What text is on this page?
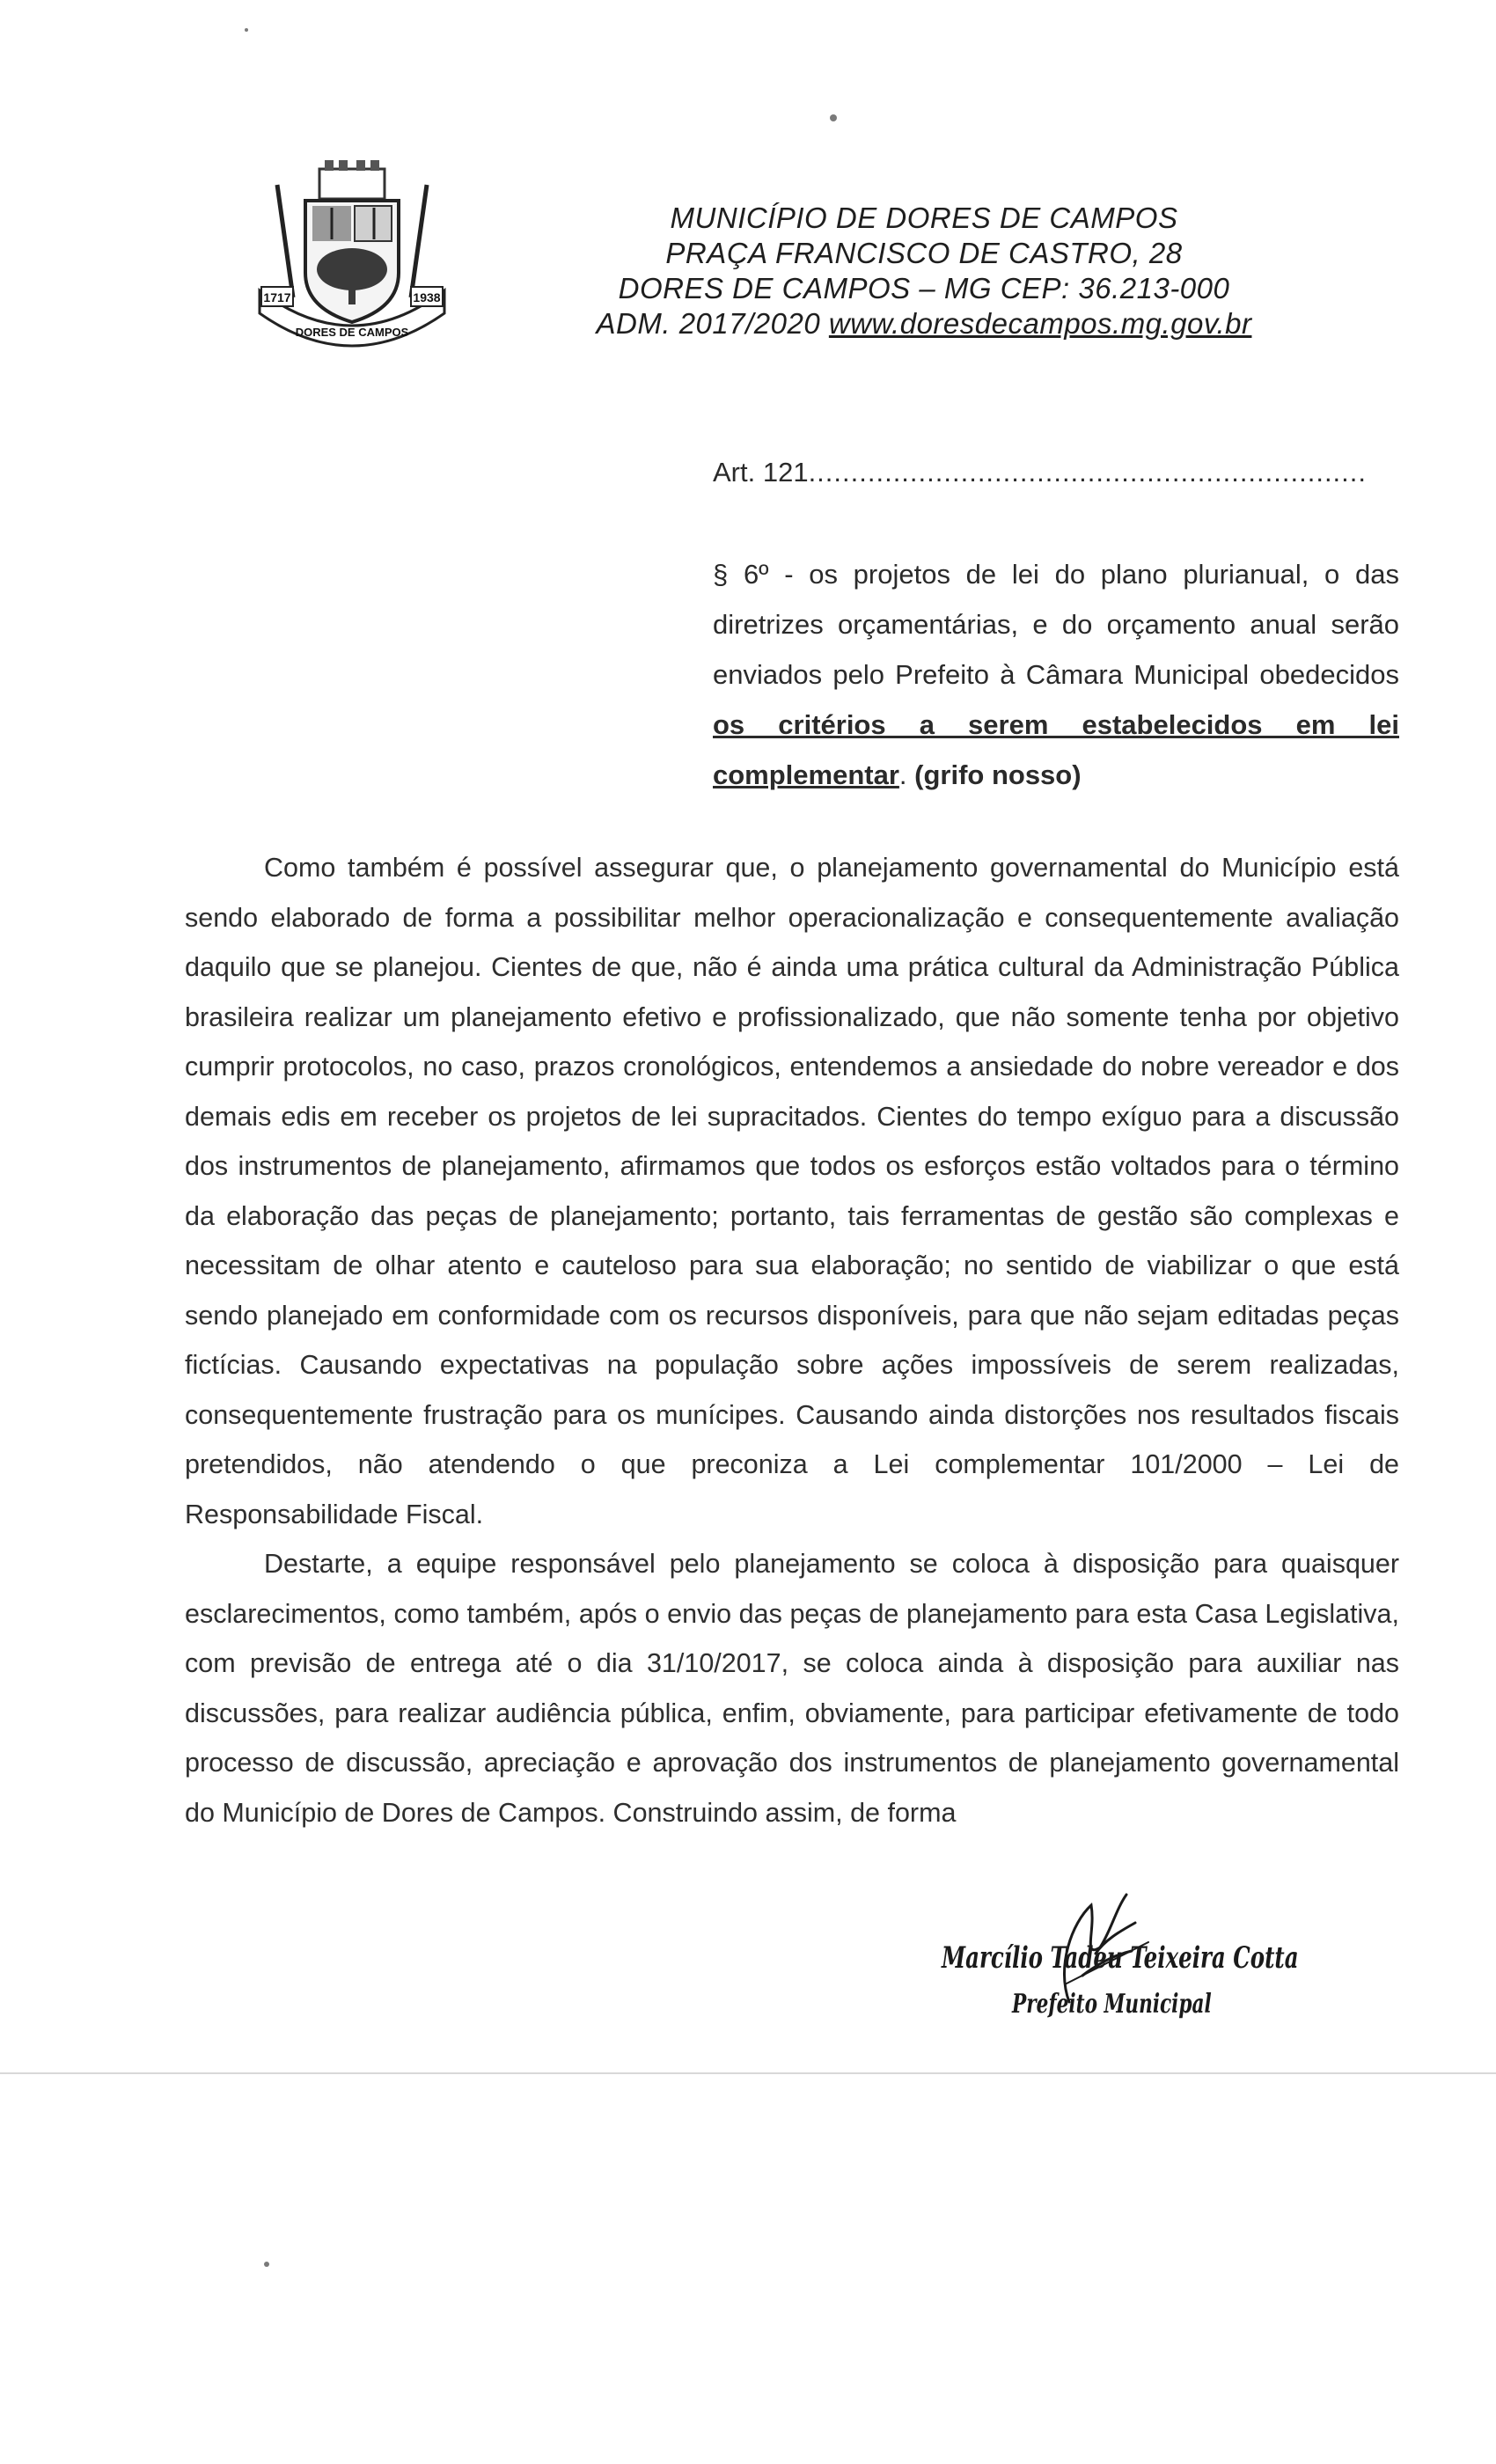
1717	1938
DORES DE CAMPOS
MUNICÍPIO DE DORES DE CAMPOS
PRAÇA FRANCISCO DE CASTRO, 28
DORES DE CAMPOS – MG CEP: 36.213-000
ADM. 2017/2020 www.doresdecampos.mg.gov.br
Art. 121..................................................................
§ 6º - os projetos de lei do plano plurianual, o das diretrizes orçamentárias, e do orçamento anual serão enviados pelo Prefeito à Câmara Municipal obedecidos os critérios a serem estabelecidos em lei complementar. (grifo nosso)

Como também é possível assegurar que, o planejamento governamental do Município está sendo elaborado de forma a possibilitar melhor operacionalização e consequentemente avaliação daquilo que se planejou. Cientes de que, não é ainda uma prática cultural da Administração Pública brasileira realizar um planejamento efetivo e profissionalizado, que não somente tenha por objetivo cumprir protocolos, no caso, prazos cronológicos, entendemos a ansiedade do nobre vereador e dos demais edis em receber os projetos de lei supracitados. Cientes do tempo exíguo para a discussão dos instrumentos de planejamento, afirmamos que todos os esforços estão voltados para o término da elaboração das peças de planejamento; portanto, tais ferramentas de gestão são complexas e necessitam de olhar atento e cauteloso para sua elaboração; no sentido de viabilizar o que está sendo planejado em conformidade com os recursos disponíveis, para que não sejam editadas peças fictícias. Causando expectativas na população sobre ações impossíveis de serem realizadas, consequentemente frustração para os munícipes. Causando ainda distorções nos resultados fiscais pretendidos, não atendendo o que preconiza a Lei complementar 101/2000 – Lei de Responsabilidade Fiscal.

Destarte, a equipe responsável pelo planejamento se coloca à disposição para quaisquer esclarecimentos, como também, após o envio das peças de planejamento para esta Casa Legislativa, com previsão de entrega até o dia 31/10/2017, se coloca ainda à disposição para auxiliar nas discussões, para realizar audiência pública, enfim, obviamente, para participar efetivamente de todo processo de discussão, apreciação e aprovação dos instrumentos de planejamento governamental do Município de Dores de Campos. Construindo assim, de forma

Marcílio Tadeu Teixeira Cotta
Prefeito Municipal
